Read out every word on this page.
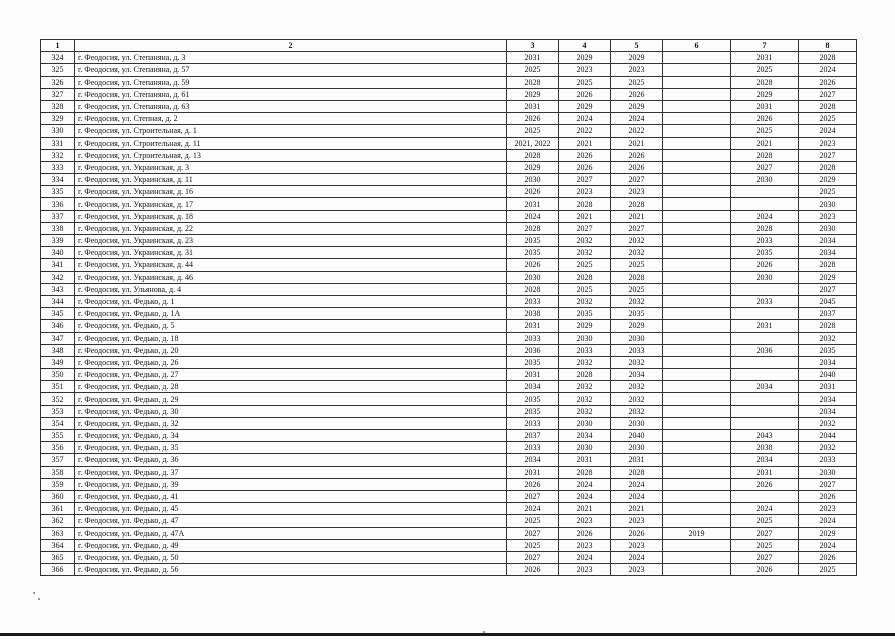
1	2	3	4	5	6	7	8
324	г. Феодосия, ул. Степаняна, д. 3	2031	2029	2029		2031	2028
325	г. Феодосия, ул. Степаняна, д. 57	2025	2023	2023		2025	2024
326	г. Феодосия, ул. Степаняна, д. 59	2028	2025	2025		2028	2026
327	г. Феодосия, ул. Степаняна, д. 61	2029	2026	2026		2029	2027
328	г. Феодосия, ул. Степаняна, д. 63	2031	2029	2029		2031	2028
329	г. Феодосия, ул. Степная, д. 2	2026	2024	2024		2026	2025
330	г. Феодосия, ул. Строительная, д. 1	2025	2022	2022		2025	2024
331	г. Феодосия, ул. Строительная, д. 11	2021, 2022	2021	2021		2021	2023
332	г. Феодосия, ул. Строительная, д. 13	2028	2026	2026		2028	2027
333	г. Феодосия, ул. Украинская, д. 3	2029	2026	2026		2027	2028
334	г. Феодосия, ул. Украинская, д. 11	2030	2027	2027		2030	2029
335	г. Феодосия, ул. Украинская, д. 16	2026	2023	2023			2025
336	г. Феодосия, ул. Украинская, д. 17	2031	2028	2028			2030
337	г. Феодосия, ул. Украинская, д. 18	2024	2021	2021		2024	2023
338	г. Феодосия, ул. Украинская, д. 22	2028	2027	2027		2028	2030
339	г. Феодосия, ул. Украинская, д. 23	2035	2032	2032		2033	2034
340	г. Феодосия, ул. Украинская, д. 31	2035	2032	2032		2035	2034
341	г. Феодосия, ул. Украинская, д. 44	2026	2025	2025		2026	2028
342	г. Феодосия, ул. Украинская, д. 46	2030	2028	2028		2030	2029
343	г. Феодосия, ул. Ульянова, д. 4	2028	2025	2025			2027
344	г. Феодосия, ул. Федько, д. 1	2033	2032	2032		2033	2045
345	г. Феодосия, ул. Федько, д. 1А	2038	2035	2035			2037
346	г. Феодосия, ул. Федько, д. 5	2031	2029	2029		2031	2028
347	г. Феодосия, ул. Федько, д. 18	2033	2030	2030			2032
348	г. Феодосия, ул. Федько, д. 20	2036	2033	2033		2036	2035
349	г. Феодосия, ул. Федько, д. 26	2035	2032	2032			2034
350	г. Феодосия, ул. Федько, д. 27	2031	2028	2034			2040
351	г. Феодосия, ул. Федько, д. 28	2034	2032	2032		2034	2031
352	г. Феодосия, ул. Федько, д. 29	2035	2032	2032			2034
353	г. Феодосия, ул. Федько, д. 30	2035	2032	2032			2034
354	г. Феодосия, ул. Федько, д. 32	2033	2030	2030			2032
355	г. Феодосия, ул. Федько, д. 34	2037	2034	2040		2043	2044
356	г. Феодосия, ул. Федько, д. 35	2033	2030	2030		2038	2032
357	г. Феодосия, ул. Федько, д. 36	2034	2031	2031		2034	2033
358	г. Феодосия, ул. Федько, д. 37	2031	2028	2028		2031	2030
359	г. Феодосия, ул. Федько, д. 39	2026	2024	2024		2026	2027
360	г. Феодосия, ул. Федько, д. 41	2027	2024	2024			2026
361	г. Феодосия, ул. Федько, д. 45	2024	2021	2021		2024	2023
362	г. Феодосия, ул. Федько, д. 47	2025	2023	2023		2025	2024
363	г. Феодосия, ул. Федько, д. 47А	2027	2026	2026	2019	2027	2029
364	г. Феодосия, ул. Федько, д. 49	2025	2023	2023		2025	2024
365	г. Феодосия, ул. Федько, д. 50	2027	2024	2024		2027	2026
366	г. Феодосия, ул. Федько, д. 56	2026	2023	2023		2026	2025
